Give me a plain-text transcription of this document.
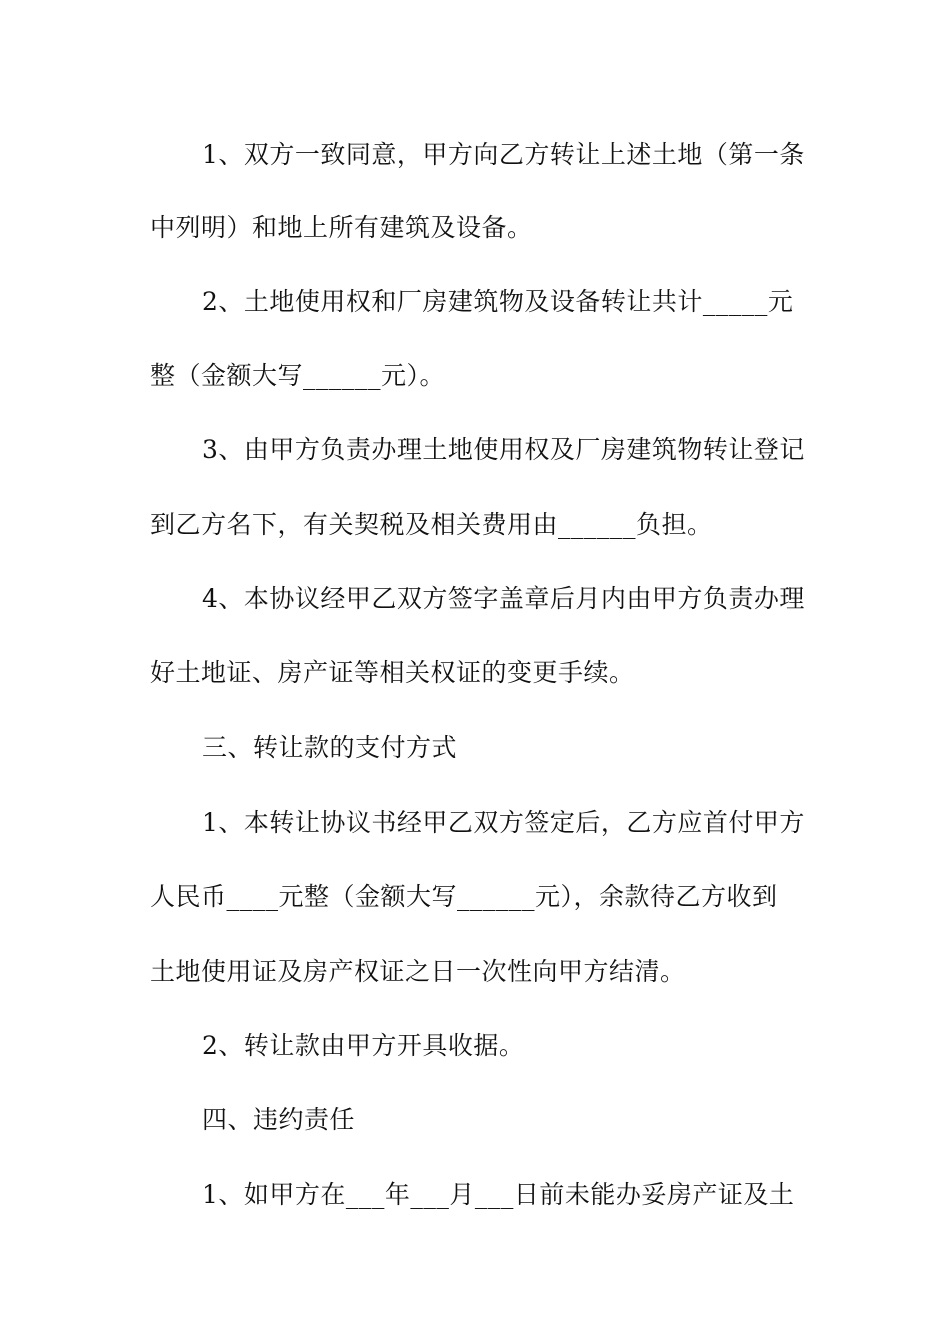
1、双方一致同意，甲方向乙方转让上述土地（第一条
中列明）和地上所有建筑及设备。
2、土地使用权和厂房建筑物及设备转让共计_____元
整（金额大写______元）。
3、由甲方负责办理土地使用权及厂房建筑物转让登记
到乙方名下，有关契税及相关费用由______负担。
4、本协议经甲乙双方签字盖章后月内由甲方负责办理
好土地证、房产证等相关权证的变更手续。
三、转让款的支付方式
1、本转让协议书经甲乙双方签定后，乙方应首付甲方
人民币____元整（金额大写______元），余款待乙方收到
土地使用证及房产权证之日一次性向甲方结清。
2、转让款由甲方开具收据。
四、违约责任
1、如甲方在___年___月___日前未能办妥房产证及土
